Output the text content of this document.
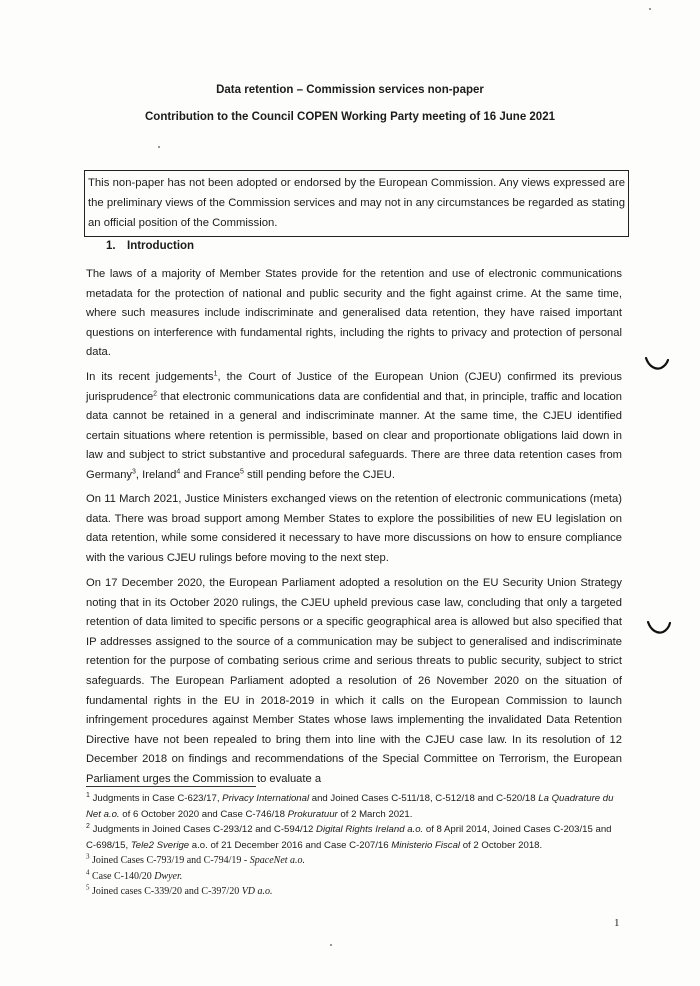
Data retention – Commission services non-paper
Contribution to the Council COPEN Working Party meeting of 16 June 2021
This non-paper has not been adopted or endorsed by the European Commission. Any views expressed are the preliminary views of the Commission services and may not in any circumstances be regarded as stating an official position of the Commission.
1. Introduction
The laws of a majority of Member States provide for the retention and use of electronic communications metadata for the protection of national and public security and the fight against crime. At the same time, where such measures include indiscriminate and generalised data retention, they have raised important questions on interference with fundamental rights, including the rights to privacy and protection of personal data.
In its recent judgements$^1$, the Court of Justice of the European Union (CJEU) confirmed its previous jurisprudence$^2$ that electronic communications data are confidential and that, in principle, traffic and location data cannot be retained in a general and indiscriminate manner. At the same time, the CJEU identified certain situations where retention is permissible, based on clear and proportionate obligations laid down in law and subject to strict substantive and procedural safeguards. There are three data retention cases from Germany$^3$, Ireland$^4$ and France$^5$ still pending before the CJEU.
On 11 March 2021, Justice Ministers exchanged views on the retention of electronic communications (meta) data. There was broad support among Member States to explore the possibilities of new EU legislation on data retention, while some considered it necessary to have more discussions on how to ensure compliance with the various CJEU rulings before moving to the next step.
On 17 December 2020, the European Parliament adopted a resolution on the EU Security Union Strategy noting that in its October 2020 rulings, the CJEU upheld previous case law, concluding that only a targeted retention of data limited to specific persons or a specific geographical area is allowed but also specified that IP addresses assigned to the source of a communication may be subject to generalised and indiscriminate retention for the purpose of combating serious crime and serious threats to public security, subject to strict safeguards. The European Parliament adopted a resolution of 26 November 2020 on the situation of fundamental rights in the EU in 2018-2019 in which it calls on the European Commission to launch infringement procedures against Member States whose laws implementing the invalidated Data Retention Directive have not been repealed to bring them into line with the CJEU case law. In its resolution of 12 December 2018 on findings and recommendations of the Special Committee on Terrorism, the European Parliament urges the Commission to evaluate a

$^1$ Judgments in Case C-623/17, Privacy International and Joined Cases C-511/18, C-512/18 and C-520/18 La Quadrature du Net a.o. of 6 October 2020 and Case C-746/18 Prokuratuur of 2 March 2021.

$^2$ Judgments in Joined Cases C-293/12 and C-594/12 Digital Rights Ireland a.o. of 8 April 2014, Joined Cases C-203/15 and C-698/15, Tele2 Sverige a.o. of 21 December 2016 and Case C-207/16 Ministerio Fiscal of 2 October 2018.

$^3$ Joined Cases C-793/19 and C-794/19 - SpaceNet a.o.

$^4$ Case C-140/20 Dwyer.

$^5$ Joined cases C-339/20 and C-397/20 VD a.o.

1
